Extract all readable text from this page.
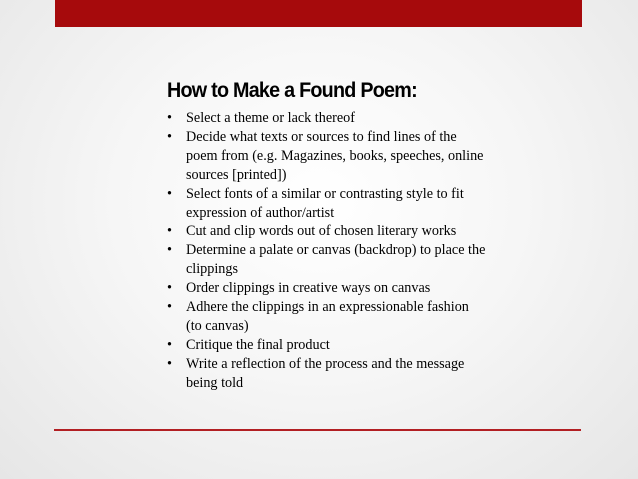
How to Make a Found Poem:
• Select a theme or lack thereof
• Decide what texts or sources to find lines of the poem from (e.g. Magazines, books, speeches, online sources [printed])
• Select fonts of a similar or contrasting style to fit expression of author/artist
• Cut and clip words out of chosen literary works
• Determine a palate or canvas (backdrop) to place the clippings
• Order clippings in creative ways on canvas
• Adhere the clippings in an expressionable fashion (to canvas)
• Critique the final product
• Write a reflection of the process and the message being told
